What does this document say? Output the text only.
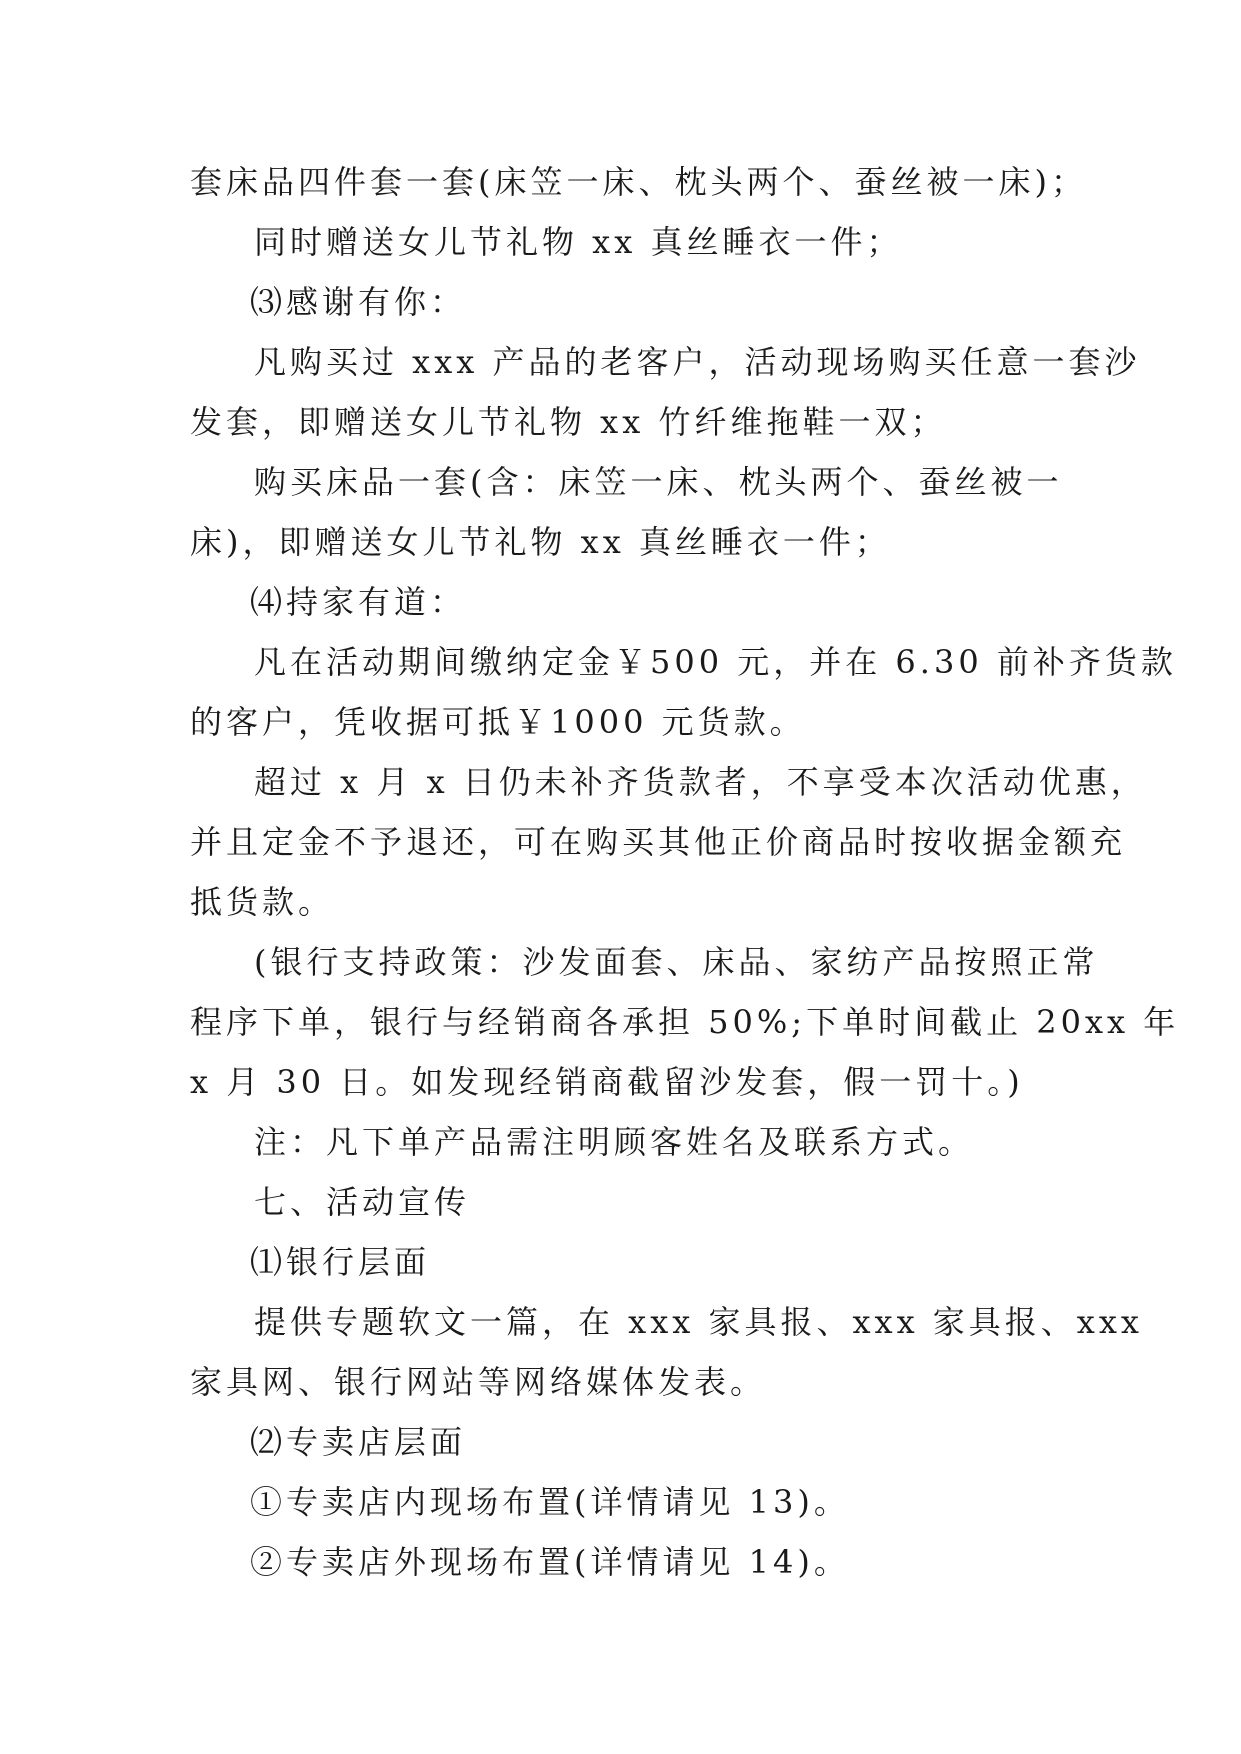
套床品四件套一套(床笠一床、枕头两个、蚕丝被一床)；
同时赠送女儿节礼物 xx 真丝睡衣一件；
⑶感谢有你：
凡购买过 xxx 产品的老客户，活动现场购买任意一套沙
发套，即赠送女儿节礼物 xx 竹纤维拖鞋一双；
购买床品一套(含：床笠一床、枕头两个、蚕丝被一
床)，即赠送女儿节礼物 xx 真丝睡衣一件；
⑷持家有道：
凡在活动期间缴纳定金￥500 元，并在 6.30 前补齐货款
的客户，凭收据可抵￥1000 元货款。
超过 x 月 x 日仍未补齐货款者，不享受本次活动优惠，
并且定金不予退还，可在购买其他正价商品时按收据金额充
抵货款。
(银行支持政策：沙发面套、床品、家纺产品按照正常
程序下单，银行与经销商各承担 50%;下单时间截止 20xx 年
x 月 30 日。如发现经销商截留沙发套，假一罚十。)
注：凡下单产品需注明顾客姓名及联系方式。
七、活动宣传
⑴银行层面
提供专题软文一篇，在 xxx 家具报、xxx 家具报、xxx
家具网、银行网站等网络媒体发表。
⑵专卖店层面
①专卖店内现场布置(详情请见 13)。
②专卖店外现场布置(详情请见 14)。
